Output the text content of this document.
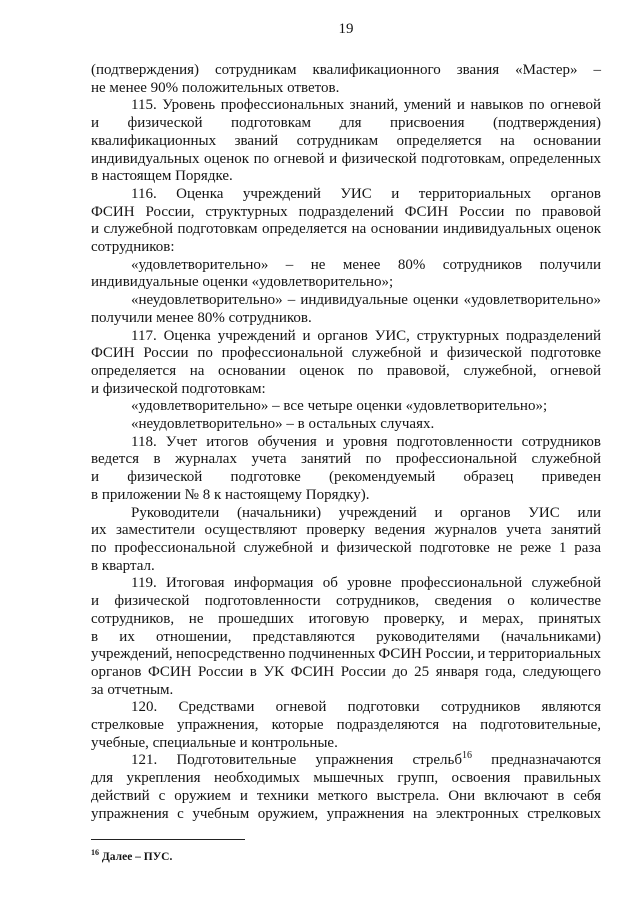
19
(подтверждения) сотрудникам квалификационного звания «Мастер» –
не менее 90% положительных ответов.
115. Уровень профессиональных знаний, умений и навыков по огневой
и физической подготовкам для присвоения (подтверждения)
квалификационных званий сотрудникам определяется на основании
индивидуальных оценок по огневой и физической подготовкам, определенных
в настоящем Порядке.
116. Оценка учреждений УИС и территориальных органов
ФСИН России, структурных подразделений ФСИН России по правовой
и служебной подготовкам определяется на основании индивидуальных оценок
сотрудников:
«удовлетворительно» – не менее 80% сотрудников получили
индивидуальные оценки «удовлетворительно»;
«неудовлетворительно» – индивидуальные оценки «удовлетворительно»
получили менее 80% сотрудников.
117. Оценка учреждений и органов УИС, структурных подразделений
ФСИН России по профессиональной служебной и физической подготовке
определяется на основании оценок по правовой, служебной, огневой
и физической подготовкам:
«удовлетворительно» – все четыре оценки «удовлетворительно»;
«неудовлетворительно» – в остальных случаях.
118. Учет итогов обучения и уровня подготовленности сотрудников
ведется в журналах учета занятий по профессиональной служебной
и физической подготовке (рекомендуемый образец приведен
в приложении № 8 к настоящему Порядку).
Руководители (начальники) учреждений и органов УИС или
их заместители осуществляют проверку ведения журналов учета занятий
по профессиональной служебной и физической подготовке не реже 1 раза
в квартал.
119. Итоговая информация об уровне профессиональной служебной
и физической подготовленности сотрудников, сведения о количестве
сотрудников, не прошедших итоговую проверку, и мерах, принятых
в их отношении, представляются руководителями (начальниками)
учреждений, непосредственно подчиненных ФСИН России, и территориальных
органов ФСИН России в УК ФСИН России до 25 января года, следующего
за отчетным.
120. Средствами огневой подготовки сотрудников являются
стрелковые упражнения, которые подразделяются на подготовительные,
учебные, специальные и контрольные.
121. Подготовительные упражнения стрельб$^{16}$ предназначаются
для укрепления необходимых мышечных групп, освоения правильных
действий с оружием и техники меткого выстрела. Они включают в себя
упражнения с учебным оружием, упражнения на электронных стрелковых
$^{16}$ Далее – ПУС.
